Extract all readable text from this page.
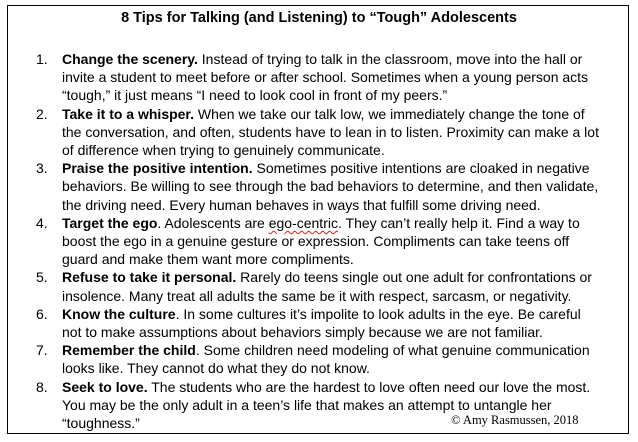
8 Tips for Talking (and Listening) to “Tough” Adolescents
1. Change the scenery. Instead of trying to talk in the classroom, move into the hall or
invite a student to meet before or after school. Sometimes when a young person acts
“tough,” it just means “I need to look cool in front of my peers.”
2. Take it to a whisper. When we take our talk low, we immediately change the tone of
the conversation, and often, students have to lean in to listen. Proximity can make a lot
of difference when trying to genuinely communicate.
3. Praise the positive intention. Sometimes positive intentions are cloaked in negative
behaviors. Be willing to see through the bad behaviors to determine, and then validate,
the driving need. Every human behaves in ways that fulfill some driving need.
4. Target the ego. Adolescents are ego-centric. They can’t really help it. Find a way to
boost the ego in a genuine gesture or expression. Compliments can take teens off
guard and make them want more compliments.
5. Refuse to take it personal. Rarely do teens single out one adult for confrontations or
insolence. Many treat all adults the same be it with respect, sarcasm, or negativity.
6. Know the culture. In some cultures it’s impolite to look adults in the eye. Be careful
not to make assumptions about behaviors simply because we are not familiar.
7. Remember the child. Some children need modeling of what genuine communication
looks like. They cannot do what they do not know.
8. Seek to love. The students who are the hardest to love often need our love the most.
You may be the only adult in a teen’s life that makes an attempt to untangle her
“toughness.”	© Amy Rasmussen, 2018
